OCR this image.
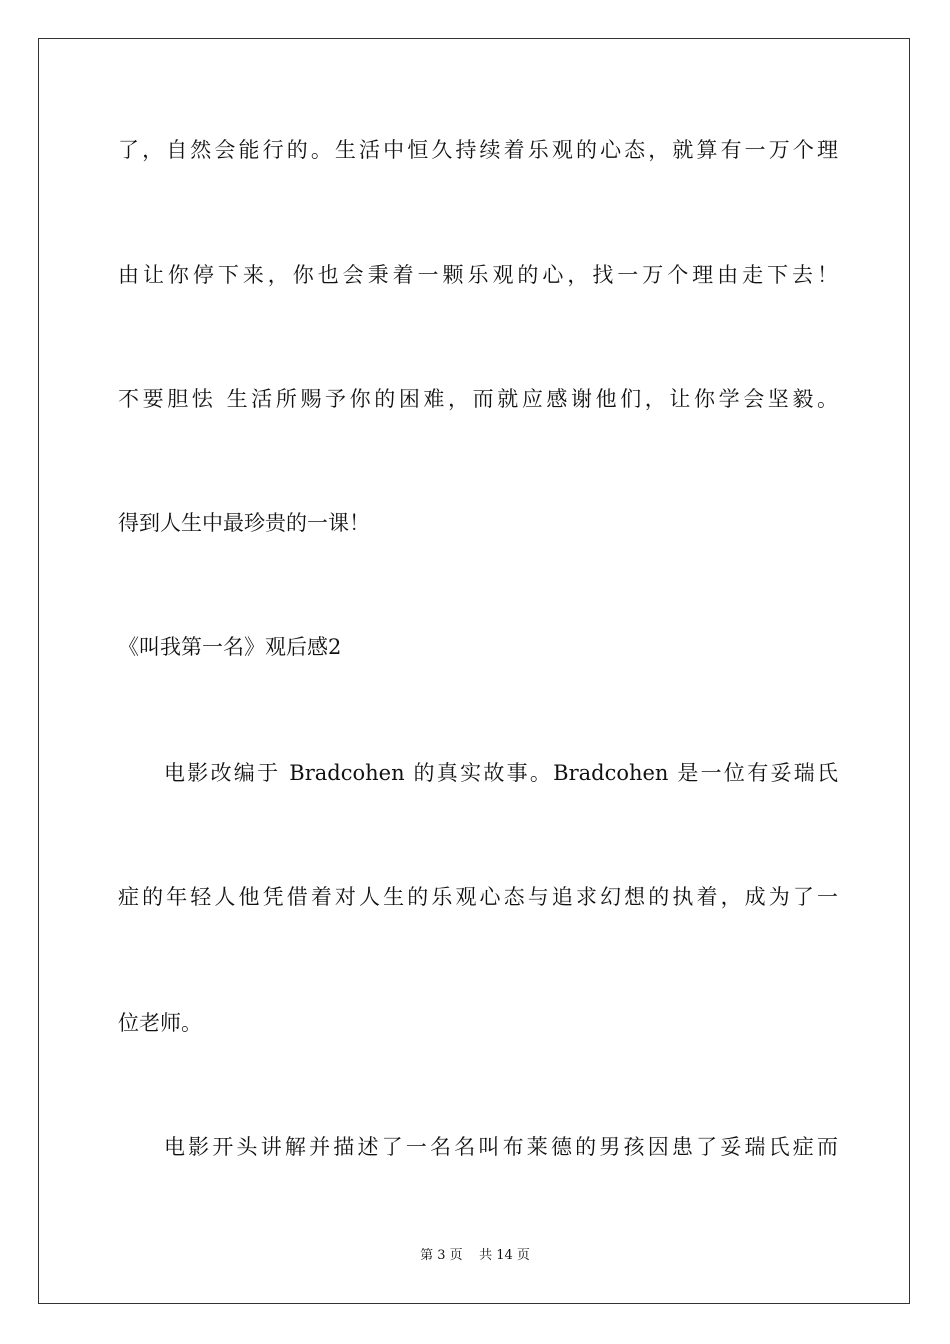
了，自然会能行的。生活中恒久持续着乐观的心态，就算有一万个理
由让你停下来，你也会秉着一颗乐观的心，找一万个理由走下去！
不要胆怯 生活所赐予你的困难，而就应感谢他们，让你学会坚毅。
得到人生中最珍贵的一课！
《叫我第一名》观后感2
电影改编于 Bradcohen 的真实故事。Bradcohen 是一位有妥瑞氏
症的年轻人他凭借着对人生的乐观心态与追求幻想的执着，成为了一
位老师。
电影开头讲解并描述了一名名叫布莱德的男孩因患了妥瑞氏症而
第 3 页    共 14 页
